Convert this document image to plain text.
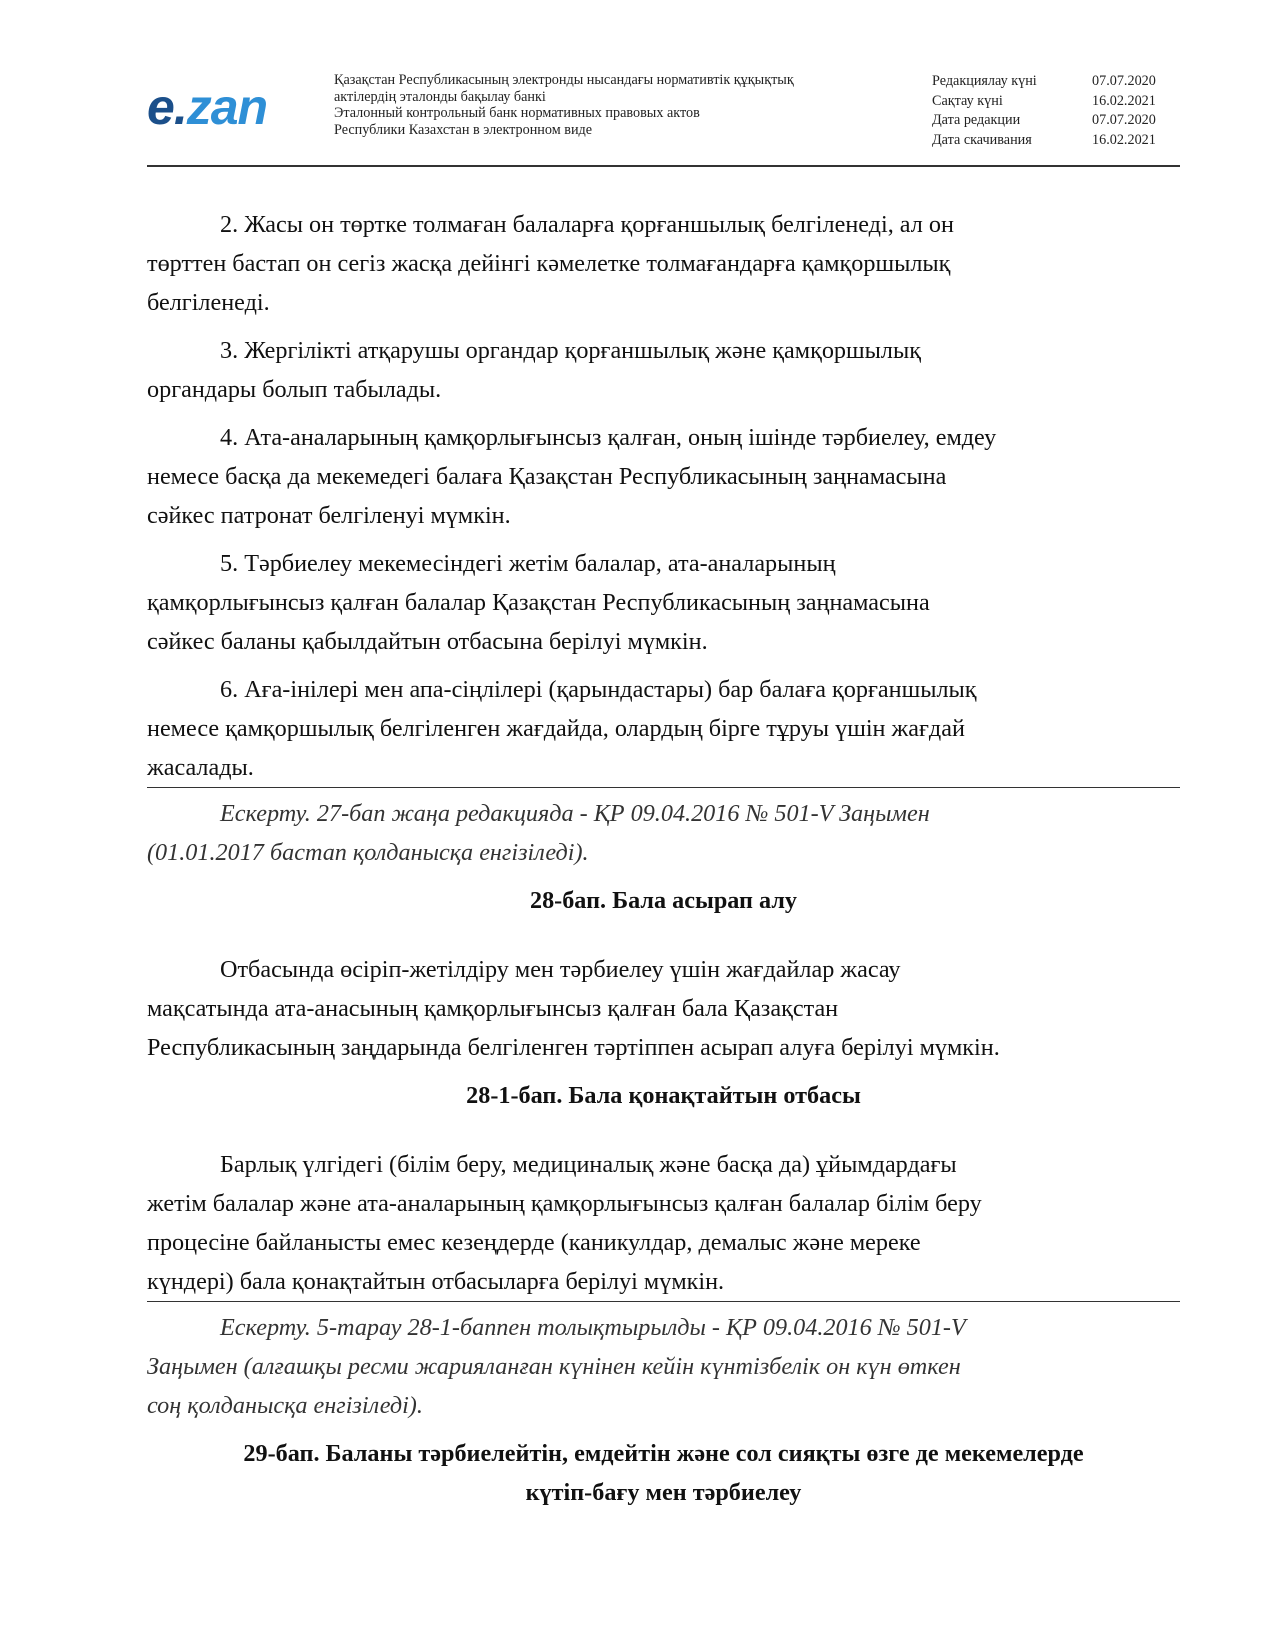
e.zan	Қазақстан Республикасының электронды нысандағы нормативтік құқықтық
актілердің эталонды бақылау банкі
Эталонный контрольный банк нормативных правовых актов
Республики Казахстан в электронном виде
Редакциялау күні	07.07.2020
Сақтау күні	16.02.2021
Дата редакции	07.07.2020
Дата скачивания	16.02.2021
2. Жасы он төртке толмаған балаларға қорғаншылық белгіленеді, ал он
төрттен бастап он сегіз жасқа дейінгі кәмелетке толмағандарға қамқоршылық
белгіленеді.
3. Жергілікті атқарушы органдар қорғаншылық және қамқоршылық
органдары болып табылады.
4. Ата-аналарының қамқорлығынсыз қалған, оның ішінде тәрбиелеу, емдеу
немесе басқа да мекемедегі балаға Қазақстан Республикасының заңнамасына
сәйкес патронат белгіленуі мүмкін.
5. Тәрбиелеу мекемесіндегі жетім балалар, ата-аналарының
қамқорлығынсыз қалған балалар Қазақстан Республикасының заңнамасына
сәйкес баланы қабылдайтын отбасына берілуі мүмкін.
6. Аға-інілері мен апа-сіңлілері (қарындастары) бар балаға қорғаншылық
немесе қамқоршылық белгіленген жағдайда, олардың бірге тұруы үшін жағдай
жасалады.
Ескерту. 27-бап жаңа редакцияда - ҚР 09.04.2016 № 501-V Заңымен
(01.01.2017 бастап қолданысқа енгізіледі).
28-бап. Бала асырап алу
Отбасында өсіріп-жетілдіру мен тәрбиелеу үшін жағдайлар жасау
мақсатында ата-анасының қамқорлығынсыз қалған бала Қазақстан
Республикасының заңдарында белгіленген тәртіппен асырап алуға берілуі мүмкін.
28-1-бап. Бала қонақтайтын отбасы
Барлық үлгідегі (білім беру, медициналық және басқа да) ұйымдардағы
жетім балалар және ата-аналарының қамқорлығынсыз қалған балалар білім беру
процесіне байланысты емес кезеңдерде (каникулдар, демалыс және мереке
күндері) бала қонақтайтын отбасыларға берілуі мүмкін.
Ескерту. 5-тарау 28-1-баппен толықтырылды - ҚР 09.04.2016 № 501-V
Заңымен (алғашқы ресми жарияланған күнінен кейін күнтізбелік он күн өткен
соң қолданысқа енгізіледі).
29-бап. Баланы тәрбиелейтін, емдейтін және сол сияқты өзге де мекемелерде
күтіп-бағу мен тәрбиелеу
